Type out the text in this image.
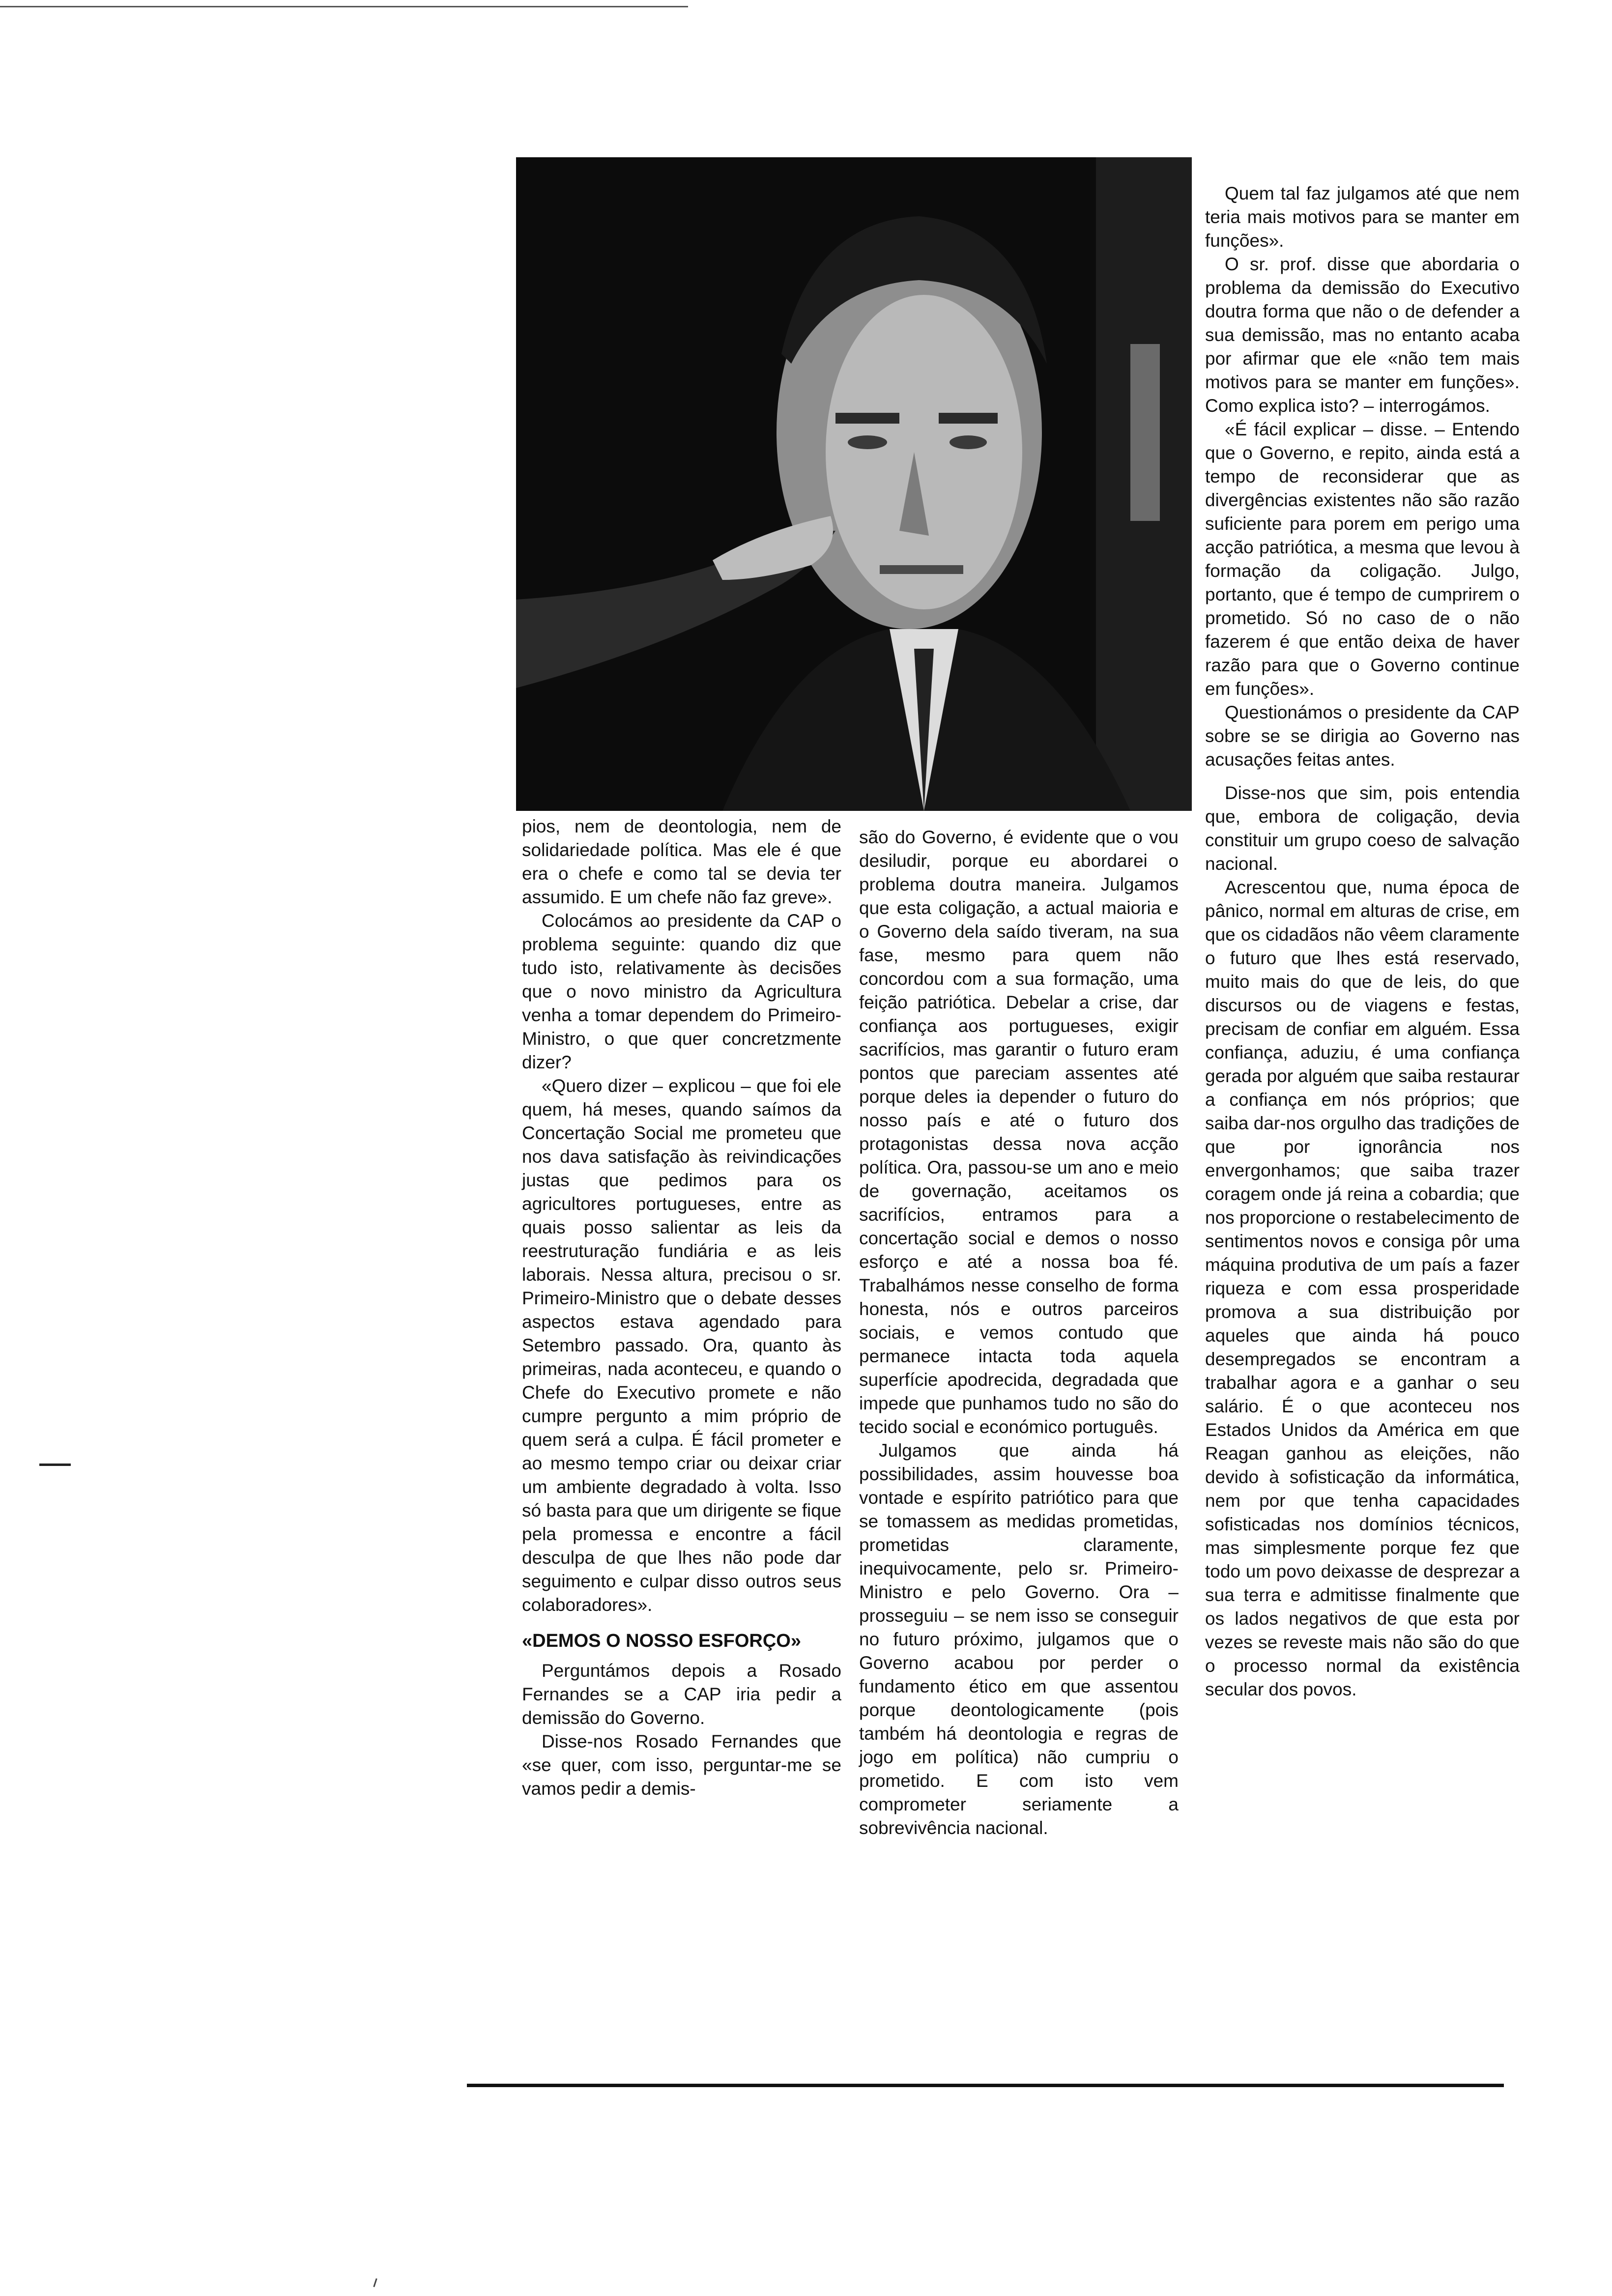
pios, nem de deontologia, nem de solidariedade política. Mas ele é que era o chefe e como tal se devia ter assumido. E um chefe não faz greve».

Colocámos ao presidente da CAP o problema seguinte: quando diz que tudo isto, relativamente às decisões que o novo ministro da Agricultura venha a tomar dependem do Primeiro-Ministro, o que quer concretzmente dizer?

«Quero dizer – explicou – que foi ele quem, há meses, quando saímos da Concertação Social me prometeu que nos dava satisfação às reivindicações justas que pedimos para os agricultores portugueses, entre as quais posso salientar as leis da reestruturação fundiária e as leis laborais. Nessa altura, precisou o sr. Primeiro-Ministro que o debate desses aspectos estava agendado para Setembro passado. Ora, quanto às primeiras, nada aconteceu, e quando o Chefe do Executivo promete e não cumpre pergunto a mim próprio de quem será a culpa. É fácil prometer e ao mesmo tempo criar ou deixar criar um ambiente degradado à volta. Isso só basta para que um dirigente se fique pela promessa e encontre a fácil desculpa de que lhes não pode dar seguimento e culpar disso outros seus colaboradores».

«DEMOS O NOSSO ESFORÇO»

Perguntámos depois a Rosado Fernandes se a CAP iria pedir a demissão do Governo.

Disse-nos Rosado Fernandes que «se quer, com isso, perguntar-me se vamos pedir a demis-

são do Governo, é evidente que o vou desiludir, porque eu abordarei o problema doutra maneira. Julgamos que esta coligação, a actual maioria e o Governo dela saído tiveram, na sua fase, mesmo para quem não concordou com a sua formação, uma feição patriótica. Debelar a crise, dar confiança aos portugueses, exigir sacrifícios, mas garantir o futuro eram pontos que pareciam assentes até porque deles ia depender o futuro do nosso país e até o futuro dos protagonistas dessa nova acção política. Ora, passou-se um ano e meio de governação, aceitamos os sacrifícios, entramos para a concertação social e demos o nosso esforço e até a nossa boa fé. Trabalhámos nesse conselho de forma honesta, nós e outros parceiros sociais, e vemos contudo que permanece intacta toda aquela superfície apodrecida, degradada que impede que punhamos tudo no são do tecido social e económico português.

Julgamos que ainda há possibilidades, assim houvesse boa vontade e espírito patriótico para que se tomassem as medidas prometidas, prometidas claramente, inequivocamente, pelo sr. Primeiro-Ministro e pelo Governo. Ora – prosseguiu – se nem isso se conseguir no futuro próximo, julgamos que o Governo acabou por perder o fundamento ético em que assentou porque deontologicamente (pois também há deontologia e regras de jogo em política) não cumpriu o prometido. E com isto vem comprometer seriamente a sobrevivência nacional.

Quem tal faz julgamos até que nem teria mais motivos para se manter em funções».

O sr. prof. disse que abordaria o problema da demissão do Executivo doutra forma que não o de defender a sua demissão, mas no entanto acaba por afirmar que ele «não tem mais motivos para se manter em funções». Como explica isto? – interrogámos.

«É fácil explicar – disse. – Entendo que o Governo, e repito, ainda está a tempo de reconsiderar que as divergências existentes não são razão suficiente para porem em perigo uma acção patriótica, a mesma que levou à formação da coligação. Julgo, portanto, que é tempo de cumprirem o prometido. Só no caso de o não fazerem é que então deixa de haver razão para que o Governo continue em funções».

Questionámos o presidente da CAP sobre se se dirigia ao Governo nas acusações feitas antes.

Disse-nos que sim, pois entendia que, embora de coligação, devia constituir um grupo coeso de salvação nacional.

Acrescentou que, numa época de pânico, normal em alturas de crise, em que os cidadãos não vêem claramente o futuro que lhes está reservado, muito mais do que de leis, do que discursos ou de viagens e festas, precisam de confiar em alguém. Essa confiança, aduziu, é uma confiança gerada por alguém que saiba restaurar a confiança em nós próprios; que saiba dar-nos orgulho das tradições de que por ignorância nos envergonhamos; que saiba trazer coragem onde já reina a cobardia; que nos proporcione o restabelecimento de sentimentos novos e consiga pôr uma máquina produtiva de um país a fazer riqueza e com essa prosperidade promova a sua distribuição por aqueles que ainda há pouco desempregados se encontram a trabalhar agora e a ganhar o seu salário. É o que aconteceu nos Estados Unidos da América em que Reagan ganhou as eleições, não devido à sofisticação da informática, nem por que tenha capacidades sofisticadas nos domínios técnicos, mas simplesmente porque fez que todo um povo deixasse de desprezar a sua terra e admitisse finalmente que os lados negativos de que esta por vezes se reveste mais não são do que o processo normal da existência secular dos povos.
